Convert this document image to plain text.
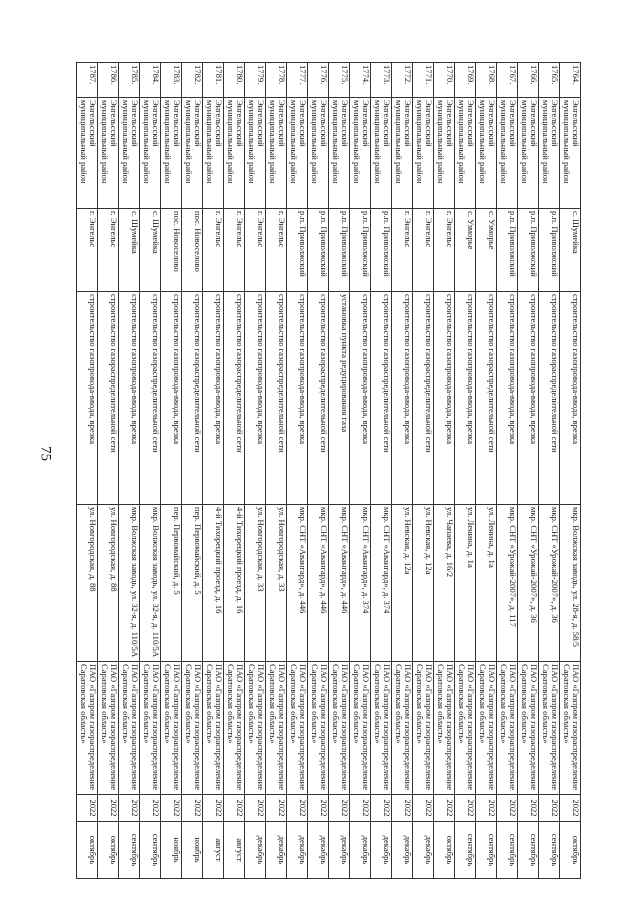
75
1764.	Энгельсский муниципальный район	с. Шумейка	строительство газопровода-ввода, врезка	мкр. Волжская заводь, ул. 28-я, д. 58/5	ПАО «Газпром газораспределение Саратовская область»	2022	октябрь
1765.	Энгельсский муниципальный район	р.п. Приволжский	строительство газораспределительной сети	мкр. СНТ «Урожай-2007», д. 36	ПАО «Газпром газораспределение Саратовская область»	2022	сентябрь
1766.	Энгельсский муниципальный район	р.п. Приволжский	строительство газопровода-ввода, врезка	мкр. СНТ «Урожай-2007», д. 36	ПАО «Газпром газораспределение Саратовская область»	2022	сентябрь
1767.	Энгельсский муниципальный район	р.п. Приволжский	строительство газопровода-ввода, врезка	мкр. СНТ «Урожай-2007», д. 117	ПАО «Газпром газораспределение Саратовская область»	2022	сентябрь
1768.	Энгельсский муниципальный район	с. Узморье	строительство газораспределительной сети	ул. Ленина, д. 1а	ПАО «Газпром газораспределение Саратовская область»	2022	сентябрь
1769.	Энгельсский муниципальный район	с. Узморье	строительство газопровода-ввода, врезка	ул. Ленина, д. 1а	ПАО «Газпром газораспределение Саратовская область»	2022	сентябрь
1770.	Энгельсский муниципальный район	г. Энгельс	строительство газопровода-ввода, врезка	ул. Чапаева, д. 16/2	ПАО «Газпром газораспределение Саратовская область»	2022	октябрь
1771.	Энгельсский муниципальный район	г. Энгельс	строительство газораспределительной сети	ул. Невская, д. 12а	ПАО «Газпром газораспределение Саратовская область»	2022	декабрь
1772.	Энгельсский муниципальный район	г. Энгельс	строительство газопровода-ввода, врезка	ул. Невская, д. 12а	ПАО «Газпром газораспределение Саратовская область»	2022	декабрь
1773.	Энгельсский муниципальный район	р.п. Приволжский	строительство газораспределительной сети	мкр. СНТ «Авангард», д. 374	ПАО «Газпром газораспределение Саратовская область»	2022	декабрь
1774.	Энгельсский муниципальный район	р.п. Приволжский	строительство газопровода-ввода, врезка	мкр. СНТ «Авангард», д. 374	ПАО «Газпром газораспределение Саратовская область»	2022	декабрь
1775.	Энгельсский муниципальный район	р.п. Приволжский	установка пункта редуцирования газа	мкр. СНТ «Авангард», д. 446	ПАО «Газпром газораспределение Саратовская область»	2022	декабрь
1776.	Энгельсский муниципальный район	р.п. Приволжский	строительство газораспределительной сети	мкр. СНТ «Авангард», д. 446	ПАО «Газпром газораспределение Саратовская область»	2022	декабрь
1777.	Энгельсский муниципальный район	р.п. Приволжский	строительство газопровода-ввода, врезка	мкр. СНТ «Авангард», д. 446	ПАО «Газпром газораспределение Саратовская область»	2022	декабрь
1778.	Энгельсский муниципальный район	г. Энгельс	строительство газораспределительной сети	ул. Новгородская, д. 33	ПАО «Газпром газораспределение Саратовская область»	2022	декабрь
1779.	Энгельсский муниципальный район	г. Энгельс	строительство газопровода-ввода, врезка	ул. Новгородская, д. 33	ПАО «Газпром газораспределение Саратовская область»	2022	декабрь
1780.	Энгельсский муниципальный район	г. Энгельс	строительство газораспределительной сети	4-й Тихорецкий проезд, д. 16	ПАО «Газпром газораспределение Саратовская область»	2022	август
1781.	Энгельсский муниципальный район	г. Энгельс	строительство газопровода-ввода, врезка	4-й Тихорецкий проезд, д. 16	ПАО «Газпром газораспределение Саратовская область»	2022	август
1782.	Энгельсский муниципальный район	пос. Новоселово	строительство газораспределительной сети	пер. Первомайский, д. 5	ПАО «Газпром газораспределение Саратовская область»	2022	ноябрь
1783.	Энгельсский муниципальный район	пос. Новоселово	строительство газопровода-ввода, врезка	пер. Первомайский, д. 5	ПАО «Газпром газораспределение Саратовская область»	2022	ноябрь
1784.	Энгельсский муниципальный район	с. Шумейка	строительство газораспределительной сети	мкр. Волжская заводь, ул. 32-я, д. 110/5А	ПАО «Газпром газораспределение Саратовская область»	2022	сентябрь
1785.	Энгельсский муниципальный район	с. Шумейка	строительство газопровода-ввода, врезка	мкр. Волжская заводь, ул. 32-я, д. 110/5А	ПАО «Газпром газораспределение Саратовская область»	2022	сентябрь
1786.	Энгельсский муниципальный район	г. Энгельс	строительство газораспределительной сети	ул. Новгородская, д. 88	ПАО «Газпром газораспределение Саратовская область»	2022	октябрь
1787.	Энгельсский муниципальный район	г. Энгельс	строительство газопровода-ввода, врезка	ул. Новгородская, д. 88	ПАО «Газпром газораспределение Саратовская область»	2022	октябрь
